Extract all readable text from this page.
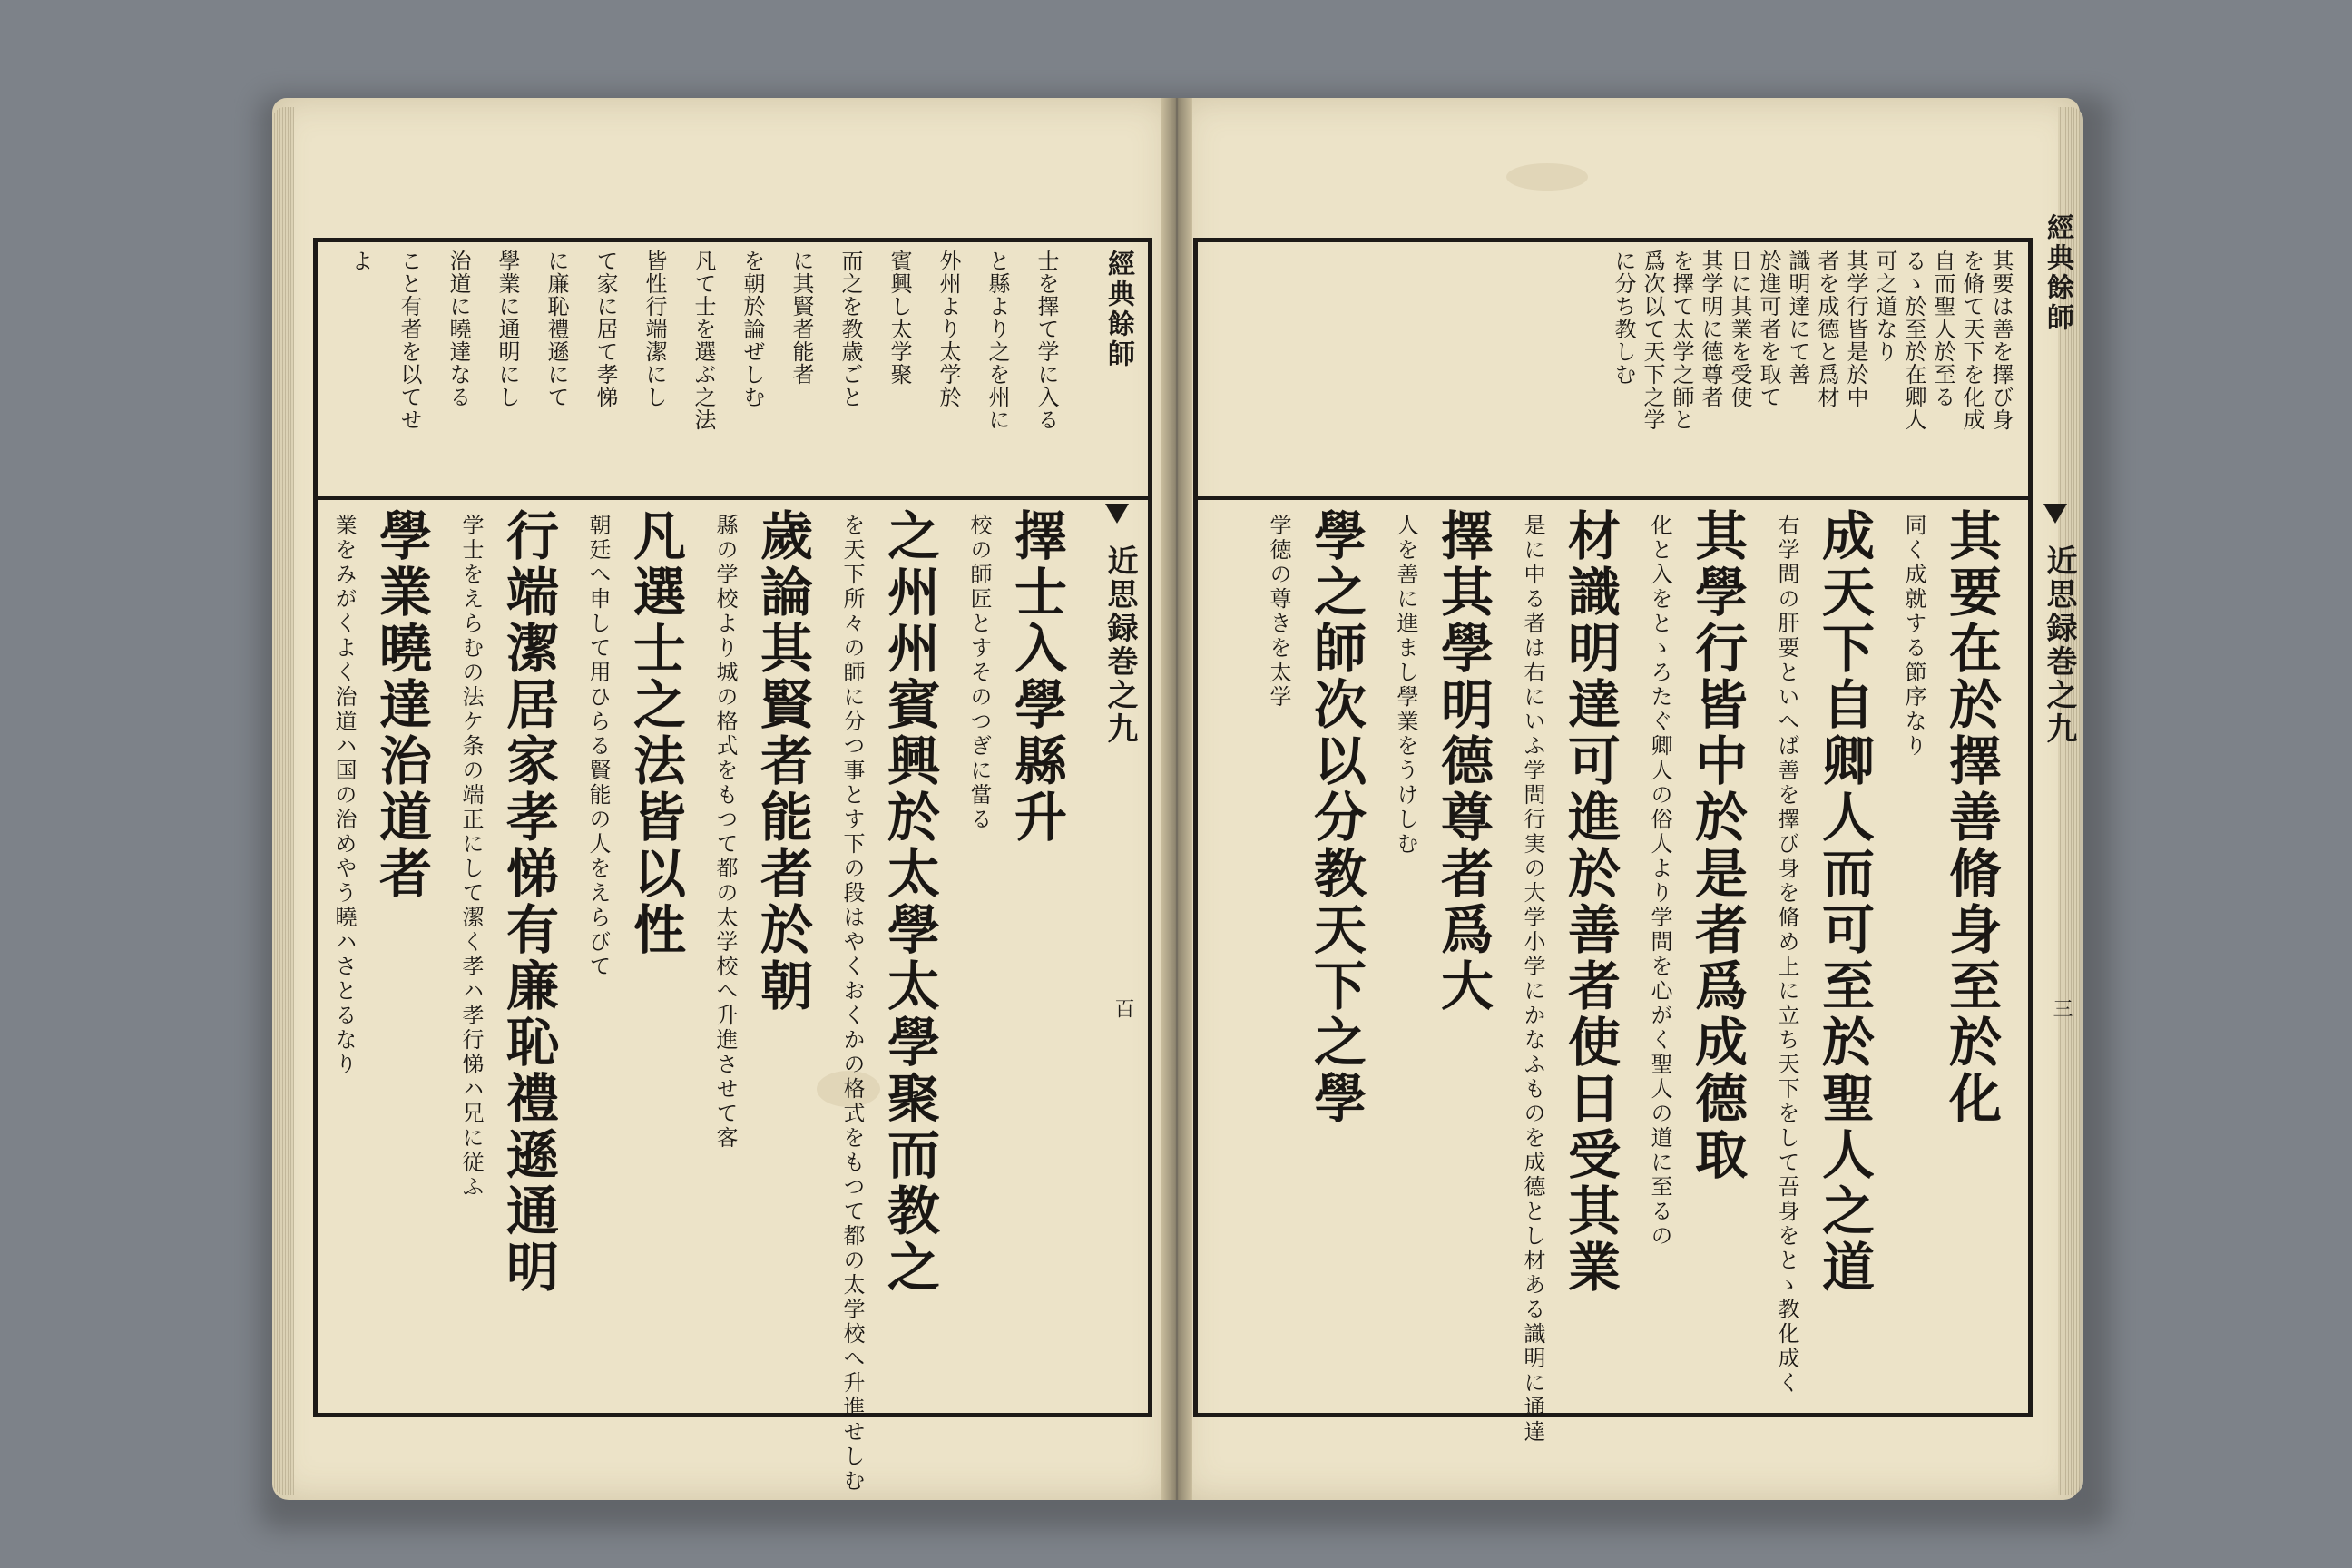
士を擇て学に入る
と縣より之を州に
外州より太学於
賓興し太学聚
而之を教歳ごと
に其賢者能者
を朝於論ぜしむ
凡て士を選ぶ之法
皆性行端潔にし
て家に居て孝悌
に廉恥禮遜にて
學業に通明にし
治道に曉達なる
こと有者を以てせ
よ
擇士入學縣升
校の師匠とすそのつぎに當る
之州州賓興於太學太學聚而教之
を天下所々の師に分つ事とす下の段はやくおくかの格式をもつて都の太学校へ升進せしむ
歲論其賢者能者於朝
縣の学校より城の格式をもつて都の太学校へ升進させて客
凡選士之法皆以性
朝廷へ申して用ひらる賢能の人をえらびて
行端潔居家孝悌有廉恥禮遜通明
学士をえらむの法ケ条の端正にして潔く孝ハ孝行悌ハ兄に従ふ
學業曉達治道者
業をみがくよく治道ハ国の治めやう曉ハさとるなり
經典餘師
近思録巻之九
百
其要は善を擇び身
を脩て天下を化成
自而聖人於至る
るゝ於至於在卿人
可之道なり
其学行皆是於中
者を成德と爲材
識明達にて善
於進可者を取て
日に其業を受使
其学明に德尊者
を擇て太学之師と
爲次以て天下之学
に分ち教しむ
其要在於擇善脩身至於化
同く成就する節序なり
成天下自卿人而可至於聖人之道
右学問の肝要といへば善を擇び身を脩め上に立ち天下をして吾身をとゝ教化成く
其學行皆中於是者爲成德取
化と入をとゝろたぐ卿人の俗人より学問を心がく聖人の道に至るの
材識明達可進於善者使日受其業
是に中る者は右にいふ学問行実の大学小学にかなふものを成德とし材ある識明に通達
擇其學明德尊者爲大
人を善に進まし學業をうけしむ
學之師次以分教天下之學
学徳の尊きを太学
經典餘師
近思録巻之九
三
